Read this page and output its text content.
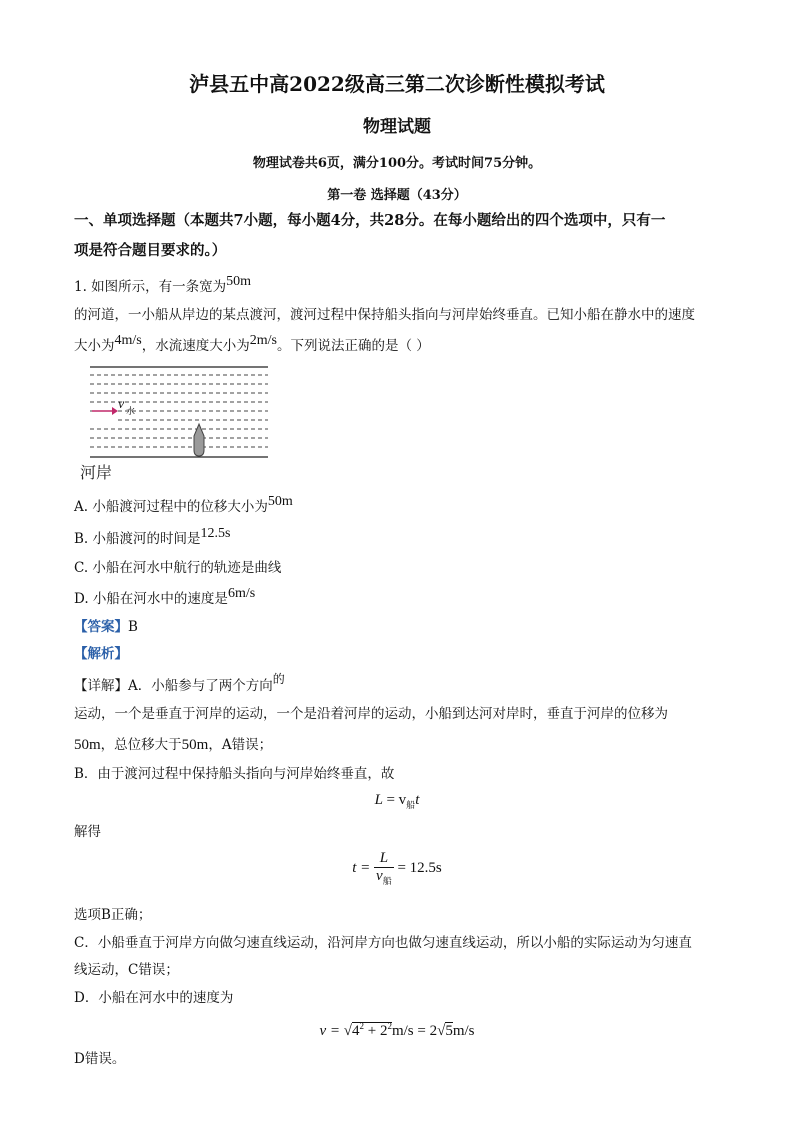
泸县五中高2022级高三第二次诊断性模拟考试
物理试题
物理试卷共6页，满分100分。考试时间75分钟。
第一卷 选择题（43分）
一、单项选择题（本题共7小题，每小题4分，共28分。在每小题给出的四个选项中，只有一
项是符合题目要求的。）
1. 如图所示，有一条宽为50m
的河道，一小船从岸边的某点渡河，渡河过程中保持船头指向与河岸始终垂直。已知小船在静水中的速度
大小为4m/s，水流速度大小为2m/s。下列说法正确的是（ ）
v 水
河岸
A. 小船渡河过程中的位移大小为50m
B. 小船渡河的时间是12.5s
C. 小船在河水中航行的轨迹是曲线
D. 小船在河水中的速度是6m/s
【答案】B
【解析】
【详解】A．小船参与了两个方向的
运动，一个是垂直于河岸的运动，一个是沿着河岸的运动，小船到达河对岸时，垂直于河岸的位移为
50m，总位移大于50m，A错误；
B．由于渡河过程中保持船头指向与河岸始终垂直，故
$L = v_船t$
解得
$t = \frac{L}{v_船} = 12.5s$
选项B正确；
C．小船垂直于河岸方向做匀速直线运动，沿河岸方向也做匀速直线运动，所以小船的实际运动为匀速直
线运动，C错误；
D．小船在河水中的速度为
$v = √4^2 + 2^2m/s = 2√5m/s$
D错误。
